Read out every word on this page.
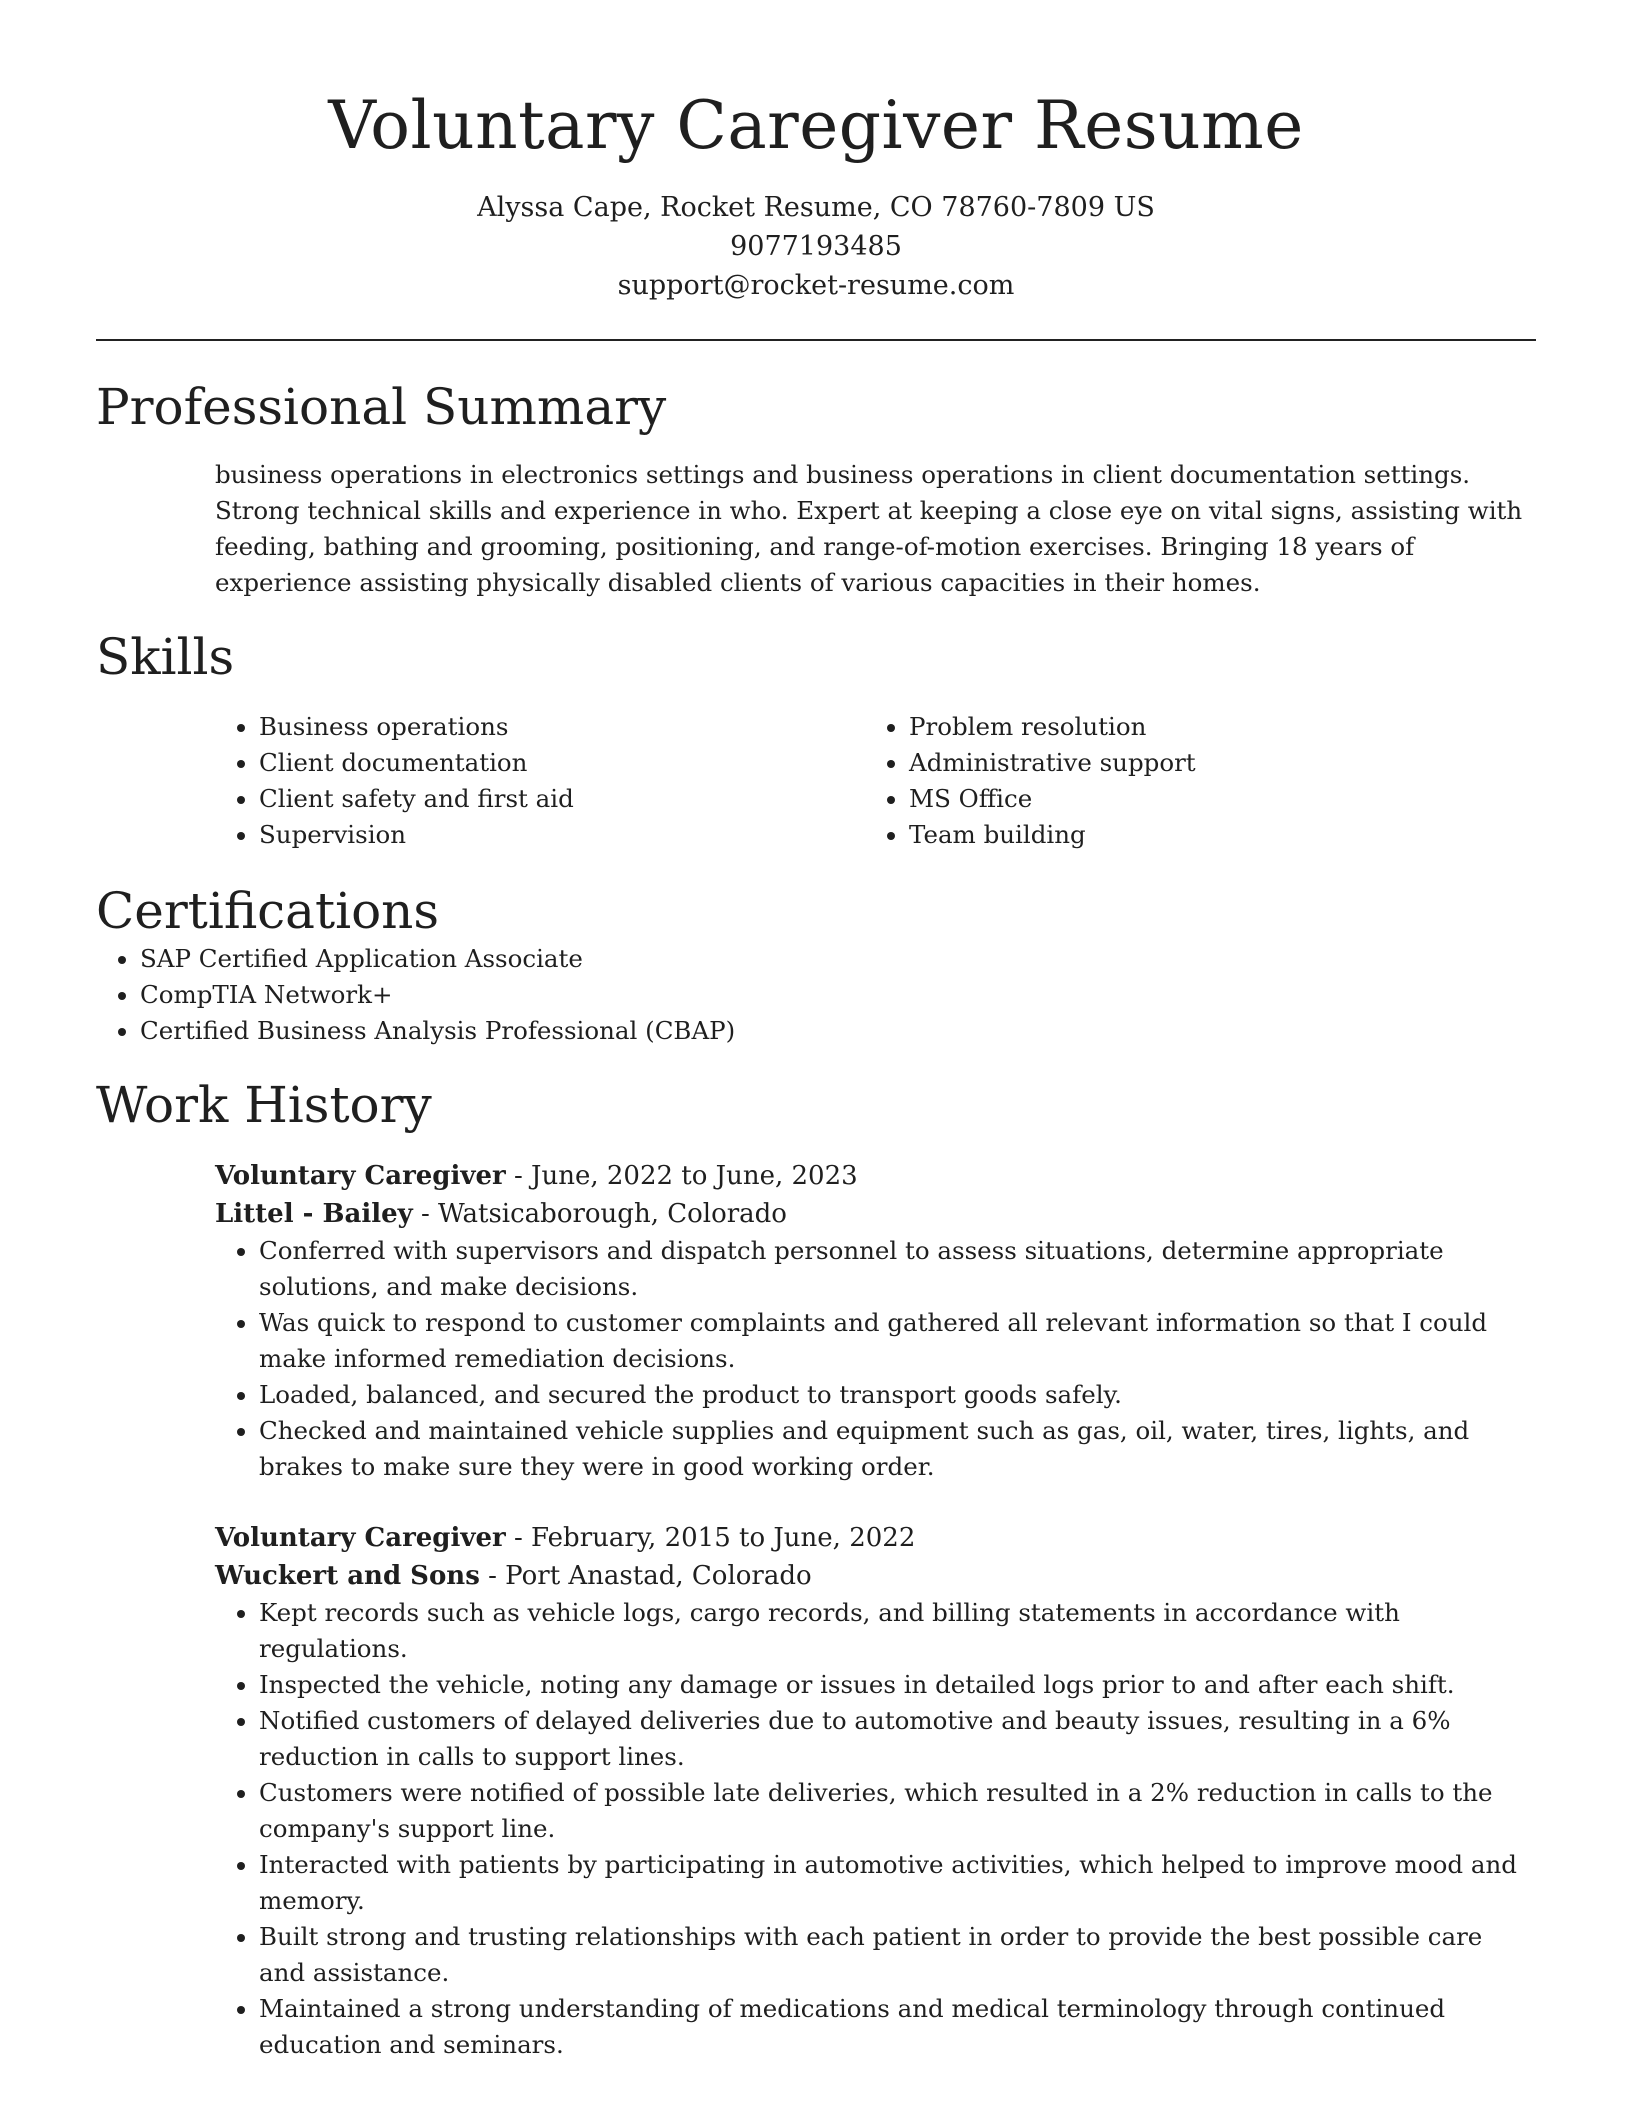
Voluntary Caregiver Resume
Alyssa Cape, Rocket Resume, CO 78760-7809 US
9077193485
support@rocket-resume.com
Professional Summary

business operations in electronics settings and business operations in client documentation settings. Strong technical skills and experience in who. Expert at keeping a close eye on vital signs, assisting with feeding, bathing and grooming, positioning, and range-of-motion exercises. Bringing 18 years of experience assisting physically disabled clients of various capacities in their homes.

Skills
• Business operations
• Client documentation
• Client safety and first aid
• Supervision
• Problem resolution
• Administrative support
• MS Office
• Team building
Certifications
• SAP Certified Application Associate
• CompTIA Network+
• Certified Business Analysis Professional (CBAP)
Work History
Voluntary Caregiver - June, 2022 to June, 2023
Littel - Bailey - Watsicaborough, Colorado
• Conferred with supervisors and dispatch personnel to assess situations, determine appropriate solutions, and make decisions.
• Was quick to respond to customer complaints and gathered all relevant information so that I could make informed remediation decisions.
• Loaded, balanced, and secured the product to transport goods safely.
• Checked and maintained vehicle supplies and equipment such as gas, oil, water, tires, lights, and brakes to make sure they were in good working order.
Voluntary Caregiver - February, 2015 to June, 2022
Wuckert and Sons - Port Anastad, Colorado
• Kept records such as vehicle logs, cargo records, and billing statements in accordance with regulations.
• Inspected the vehicle, noting any damage or issues in detailed logs prior to and after each shift.
• Notified customers of delayed deliveries due to automotive and beauty issues, resulting in a 6% reduction in calls to support lines.
• Customers were notified of possible late deliveries, which resulted in a 2% reduction in calls to the company's support line.
• Interacted with patients by participating in automotive activities, which helped to improve mood and memory.
• Built strong and trusting relationships with each patient in order to provide the best possible care and assistance.
• Maintained a strong understanding of medications and medical terminology through continued education and seminars.
